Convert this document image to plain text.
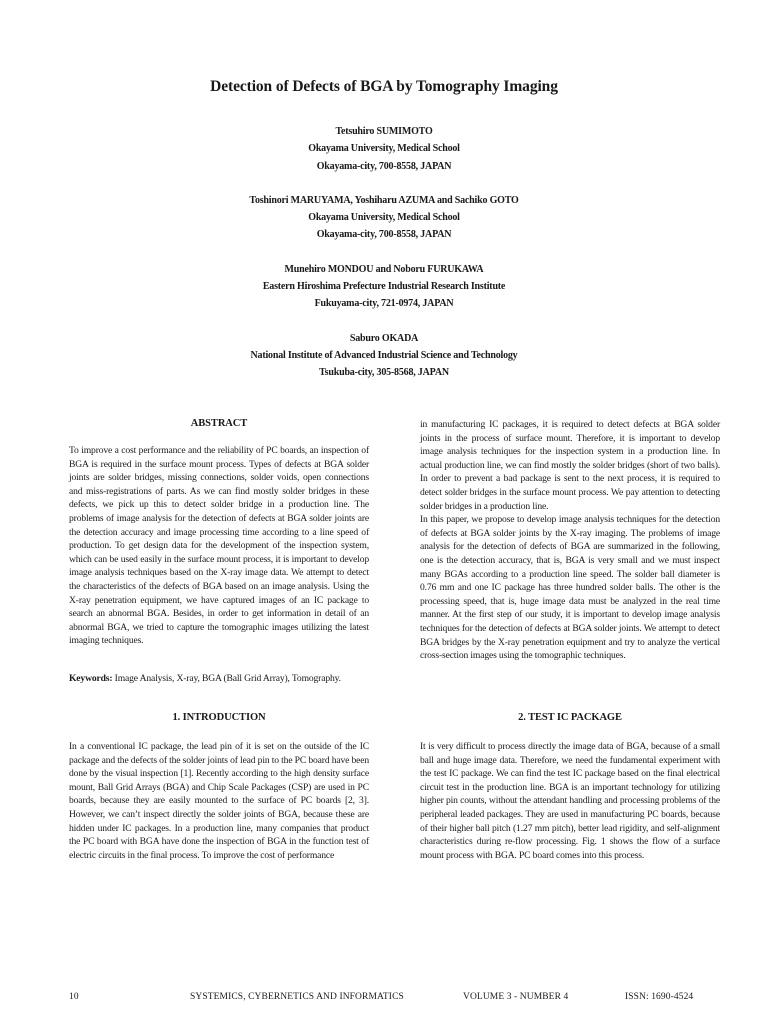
Detection of Defects of BGA by Tomography Imaging
Tetsuhiro SUMIMOTO
Okayama University, Medical School
Okayama-city, 700-8558, JAPAN
Toshinori MARUYAMA, Yoshiharu AZUMA and Sachiko GOTO
Okayama University, Medical School
Okayama-city, 700-8558, JAPAN
Munehiro MONDOU and Noboru FURUKAWA
Eastern Hiroshima Prefecture Industrial Research Institute
Fukuyama-city, 721-0974, JAPAN
Saburo OKADA
National Institute of Advanced Industrial Science and Technology
Tsukuba-city, 305-8568, JAPAN
ABSTRACT

To improve a cost performance and the reliability of PC boards, an inspection of BGA is required in the surface mount process. Types of defects at BGA solder joints are solder bridges, missing connections, solder voids, open connections and miss-registrations of parts. As we can find mostly solder bridges in these defects, we pick up this to detect solder bridge in a production line. The problems of image analysis for the detection of defects at BGA solder joints are the detection accuracy and image processing time according to a line speed of production. To get design data for the development of the inspection system, which can be used easily in the surface mount process, it is important to develop image analysis techniques based on the X-ray image data. We attempt to detect the characteristics of the defects of BGA based on an image analysis. Using the X-ray penetration equipment, we have captured images of an IC package to search an abnormal BGA. Besides, in order to get information in detail of an abnormal BGA, we tried to capture the tomographic images utilizing the latest imaging techniques.

Keywords: Image Analysis, X-ray, BGA (Ball Grid Array), Tomography.

1. INTRODUCTION

In a conventional IC package, the lead pin of it is set on the outside of the IC package and the defects of the solder joints of lead pin to the PC board have been done by the visual inspection [1]. Recently according to the high density surface mount, Ball Grid Arrays (BGA) and Chip Scale Packages (CSP) are used in PC boards, because they are easily mounted to the surface of PC boards [2, 3]. However, we can’t inspect directly the solder joints of BGA, because these are hidden under IC packages. In a production line, many companies that product the PC board with BGA have done the inspection of BGA in the function test of electric circuits in the final process. To improve the cost of performance

in manufacturing IC packages, it is required to detect defects at BGA solder joints in the process of surface mount. Therefore, it is important to develop image analysis techniques for the inspection system in a production line. In actual production line, we can find mostly the solder bridges (short of two balls). In order to prevent a bad package is sent to the next process, it is required to detect solder bridges in the surface mount process. We pay attention to detecting solder bridges in a production line.

In this paper, we propose to develop image analysis techniques for the detection of defects at BGA solder joints by the X-ray imaging. The problems of image analysis for the detection of defects of BGA are summarized in the following, one is the detection accuracy, that is, BGA is very small and we must inspect many BGAs according to a production line speed. The solder ball diameter is 0.76 mm and one IC package has three hundred solder balls. The other is the processing speed, that is, huge image data must be analyzed in the real time manner. At the first step of our study, it is important to develop image analysis techniques for the detection of defects at BGA solder joints. We attempt to detect BGA bridges by the X-ray penetration equipment and try to analyze the vertical cross-section images using the tomographic techniques.

2. TEST IC PACKAGE

It is very difficult to process directly the image data of BGA, because of a small ball and huge image data. Therefore, we need the fundamental experiment with the test IC package. We can find the test IC package based on the final electrical circuit test in the production line. BGA is an important technology for utilizing higher pin counts, without the attendant handling and processing problems of the peripheral leaded packages. They are used in manufacturing PC boards, because of their higher ball pitch (1.27 mm pitch), better lead rigidity, and self-alignment characteristics during re-flow processing. Fig. 1 shows the flow of a surface mount process with BGA. PC board comes into this process.

10	SYSTEMICS, CYBERNETICS AND INFORMATICS	VOLUME 3 - NUMBER 4	ISSN: 1690-4524
